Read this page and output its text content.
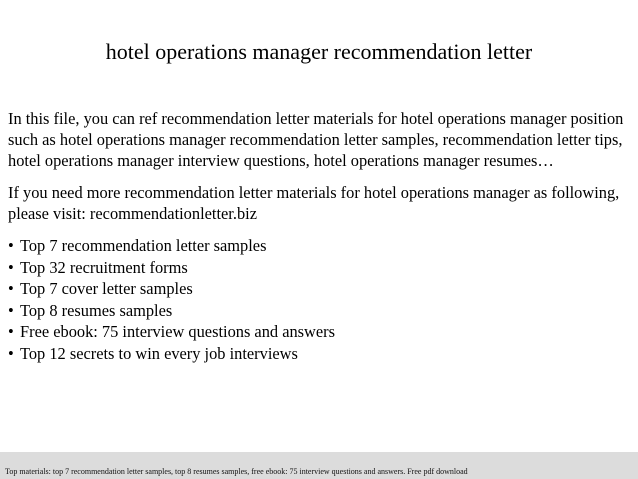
hotel operations manager recommendation letter

In this file, you can ref recommendation letter materials for hotel operations manager position such as hotel operations manager recommendation letter samples, recommendation letter tips, hotel operations manager interview questions, hotel operations manager resumes…

If you need more recommendation letter materials for hotel operations manager as following, please visit: recommendationletter.biz

• Top 7 recommendation letter samples
• Top 32 recruitment forms
• Top 7 cover letter samples
• Top 8 resumes samples
• Free ebook: 75 interview questions and answers
• Top 12 secrets to win every job interviews
Top materials: top 7 recommendation letter samples, top 8 resumes samples, free ebook: 75 interview questions and answers. Free pdf download
